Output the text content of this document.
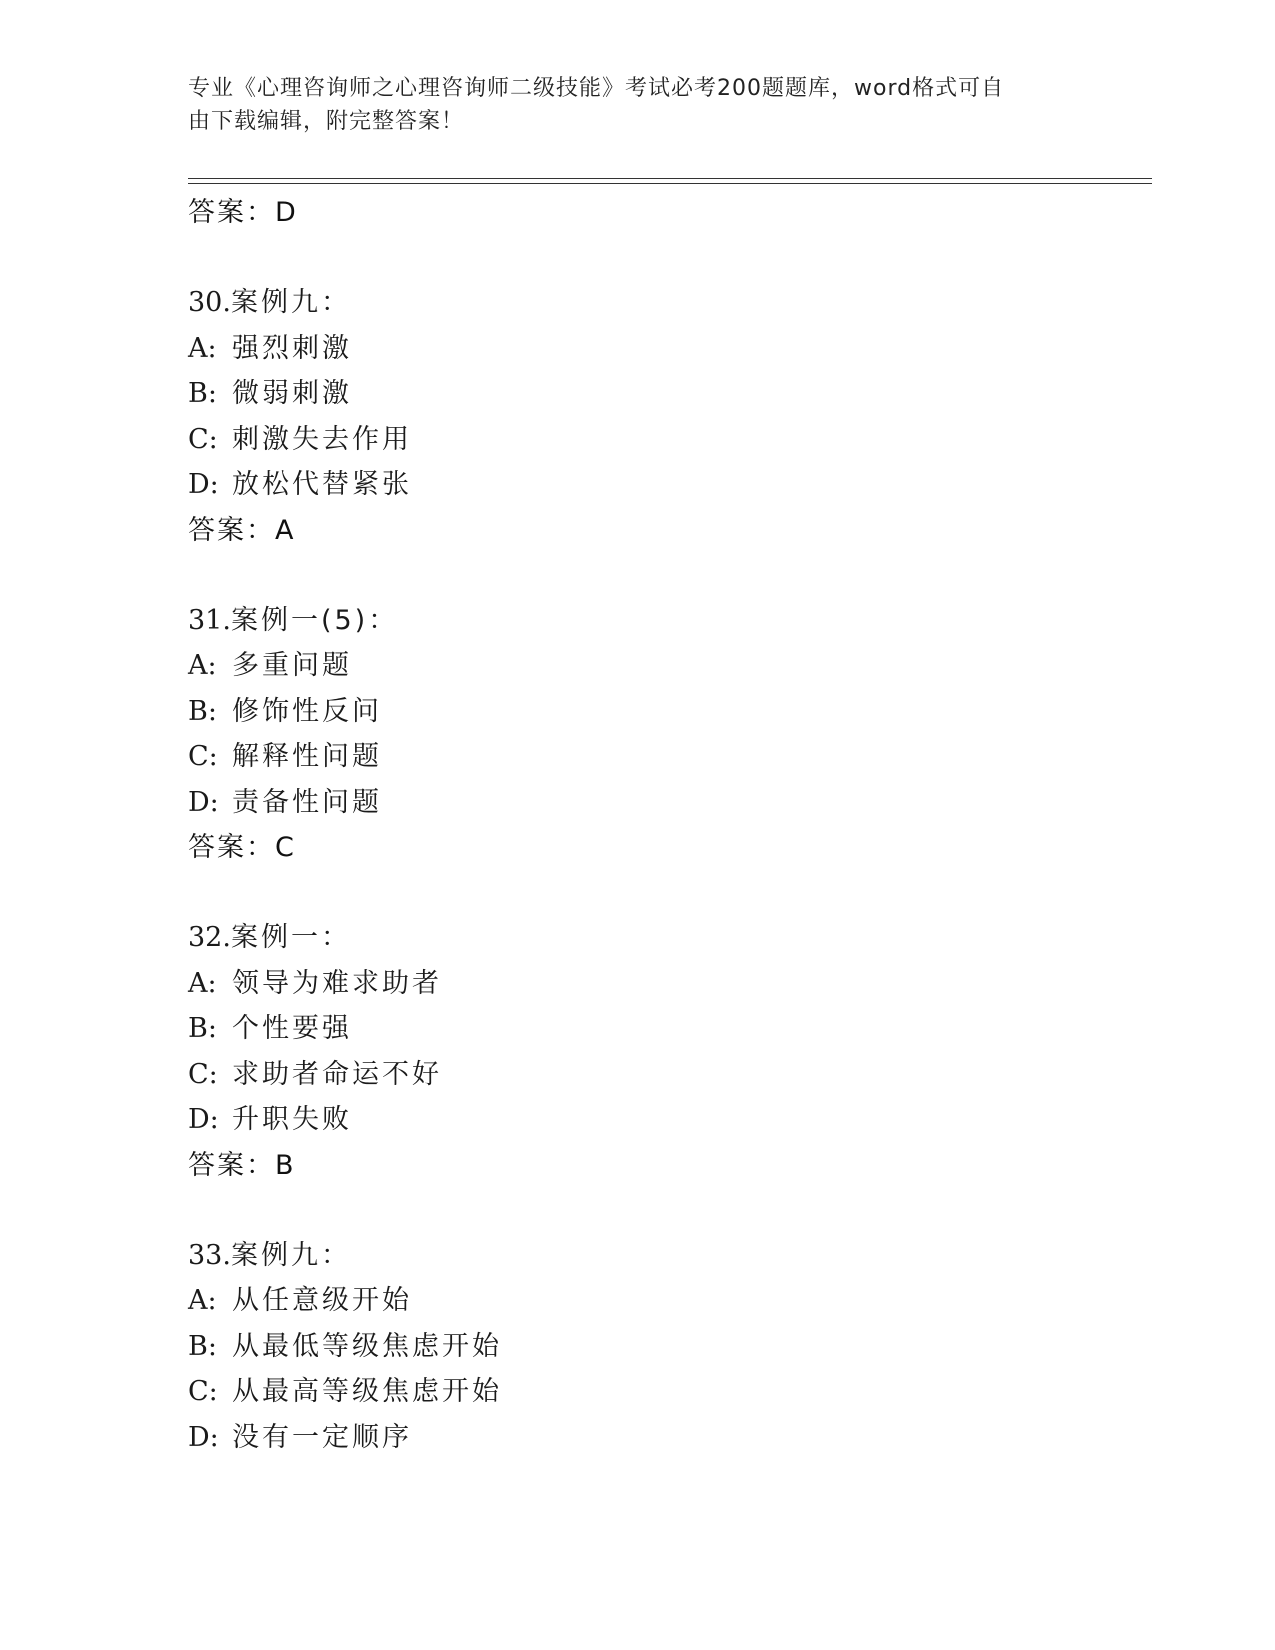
专业《心理咨询师之心理咨询师二级技能》考试必考200题题库，word格式可自
由下载编辑，附完整答案！
答案：D
30.案例九：
A: 强烈刺激
B: 微弱刺激
C: 刺激失去作用
D: 放松代替紧张
答案：A
31.案例一(5)：
A: 多重问题
B: 修饰性反问
C: 解释性问题
D: 责备性问题
答案：C
32.案例一：
A: 领导为难求助者
B: 个性要强
C: 求助者命运不好
D: 升职失败
答案：B
33.案例九：
A: 从任意级开始
B: 从最低等级焦虑开始
C: 从最高等级焦虑开始
D: 没有一定顺序
